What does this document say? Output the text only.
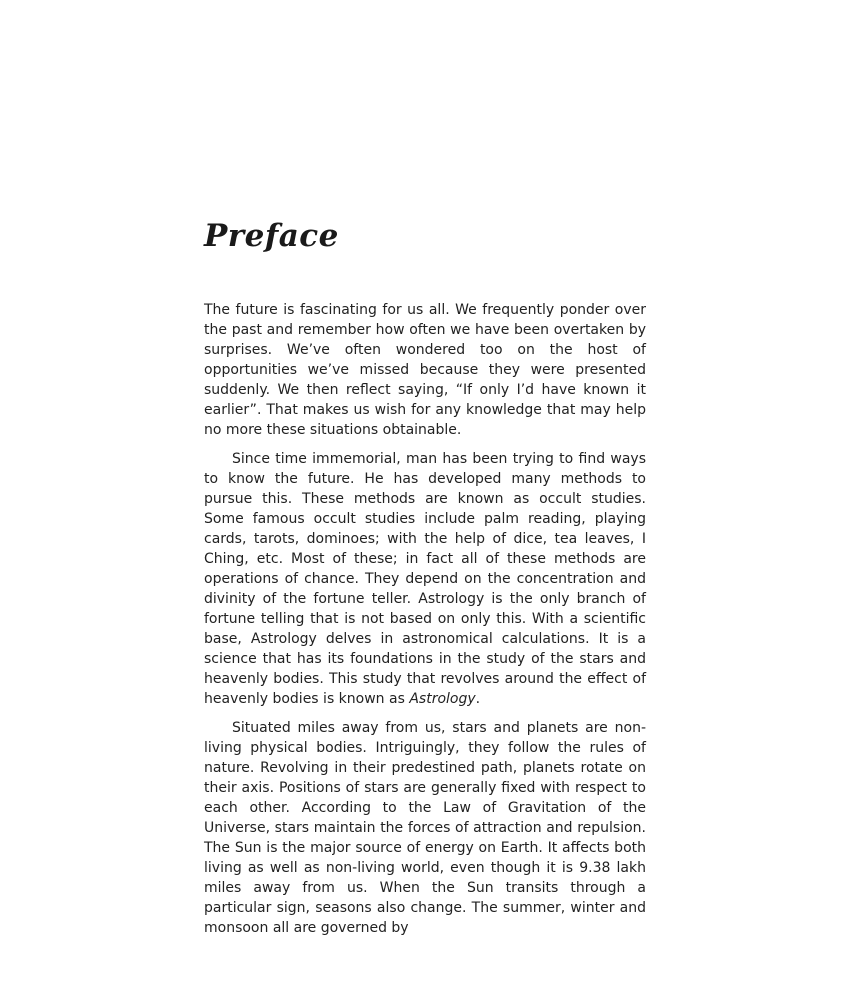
Preface

The future is fascinating for us all. We frequently ponder over the past and remember how often we have been overtaken by surprises. We’ve often wondered too on the host of opportunities we’ve missed because they were presented suddenly. We then reflect saying, “If only I’d have known it earlier”. That makes us wish for any knowledge that may help no more these situations obtainable.

Since time immemorial, man has been trying to find ways to know the future. He has developed many methods to pursue this. These methods are known as occult studies. Some famous occult studies include palm reading, playing cards, tarots, dominoes; with the help of dice, tea leaves, I Ching, etc. Most of these; in fact all of these methods are operations of chance. They depend on the concentration and divinity of the fortune teller. Astrology is the only branch of fortune telling that is not based on only this. With a scientific base, Astrology delves in astronomical calculations. It is a science that has its foundations in the study of the stars and heavenly bodies. This study that revolves around the effect of heavenly bodies is known as Astrology.

Situated miles away from us, stars and planets are non-living physical bodies. Intriguingly, they follow the rules of nature. Revolving in their predestined path, planets rotate on their axis. Positions of stars are generally fixed with respect to each other. According to the Law of Gravitation of the Universe, stars maintain the forces of attraction and repulsion. The Sun is the major source of energy on Earth. It affects both living as well as non-living world, even though it is 9.38 lakh miles away from us. When the Sun transits through a particular sign, seasons also change. The summer, winter and monsoon all are governed by
